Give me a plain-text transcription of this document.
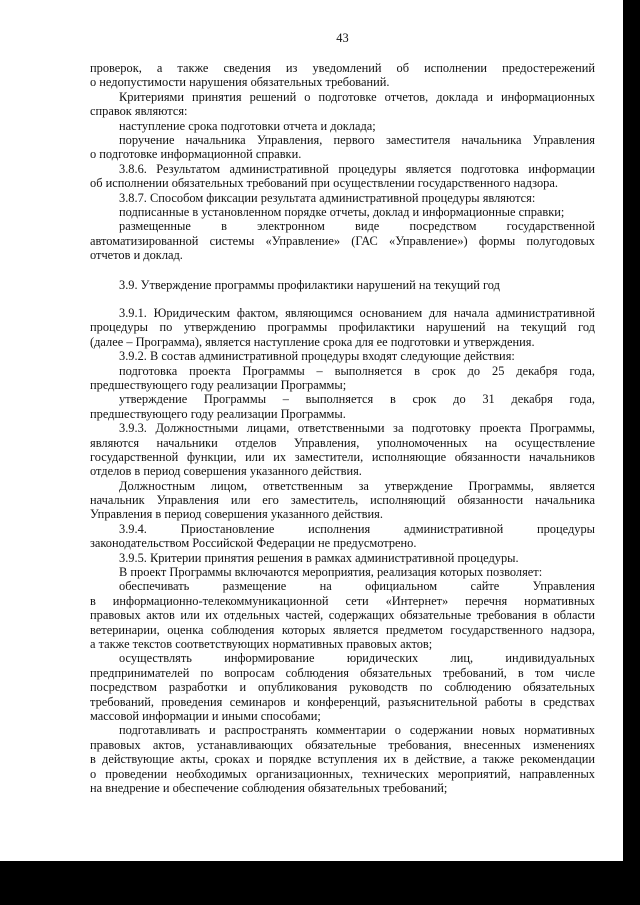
43
проверок, а также сведения из уведомлений об исполнении предостережений
о недопустимости нарушения обязательных требований.
Критериями принятия решений о подготовке отчетов, доклада и информационных
справок являются:
наступление срока подготовки отчета и доклада;
поручение начальника Управления, первого заместителя начальника Управления
о подготовке информационной справки.
3.8.6. Результатом административной процедуры является подготовка информации
об исполнении обязательных требований при осуществлении государственного надзора.
3.8.7. Способом фиксации результата административной процедуры являются:
подписанные в установленном порядке отчеты, доклад и информационные справки;
размещенные в электронном виде посредством государственной
автоматизированной системы «Управление» (ГАС «Управление») формы полугодовых
отчетов и доклад.
3.9. Утверждение программы профилактики нарушений на текущий год
3.9.1. Юридическим фактом, являющимся основанием для начала административной
процедуры по утверждению программы профилактики нарушений на текущий год
(далее – Программа), является наступление срока для ее подготовки и утверждения.
3.9.2. В состав административной процедуры входят следующие действия:
подготовка проекта Программы – выполняется в срок до 25 декабря года,
предшествующего году реализации Программы;
утверждение Программы – выполняется в срок до 31 декабря года,
предшествующего году реализации Программы.
3.9.3. Должностными лицами, ответственными за подготовку проекта Программы,
являются начальники отделов Управления, уполномоченных на осуществление
государственной функции, или их заместители, исполняющие обязанности начальников
отделов в период совершения указанного действия.
Должностным лицом, ответственным за утверждение Программы, является
начальник Управления или его заместитель, исполняющий обязанности начальника
Управления в период совершения указанного действия.
3.9.4. Приостановление исполнения административной процедуры
законодательством Российской Федерации не предусмотрено.
3.9.5. Критерии принятия решения в рамках административной процедуры.
В проект Программы включаются мероприятия, реализация которых позволяет:
обеспечивать размещение на официальном сайте Управления
в информационно-телекоммуникационной сети «Интернет» перечня нормативных
правовых актов или их отдельных частей, содержащих обязательные требования в области
ветеринарии, оценка соблюдения которых является предметом государственного надзора,
а также текстов соответствующих нормативных правовых актов;
осуществлять информирование юридических лиц, индивидуальных
предпринимателей по вопросам соблюдения обязательных требований, в том числе
посредством разработки и опубликования руководств по соблюдению обязательных
требований, проведения семинаров и конференций, разъяснительной работы в средствах
массовой информации и иными способами;
подготавливать и распространять комментарии о содержании новых нормативных
правовых актов, устанавливающих обязательные требования, внесенных изменениях
в действующие акты, сроках и порядке вступления их в действие, а также рекомендации
о проведении необходимых организационных, технических мероприятий, направленных
на внедрение и обеспечение соблюдения обязательных требований;
